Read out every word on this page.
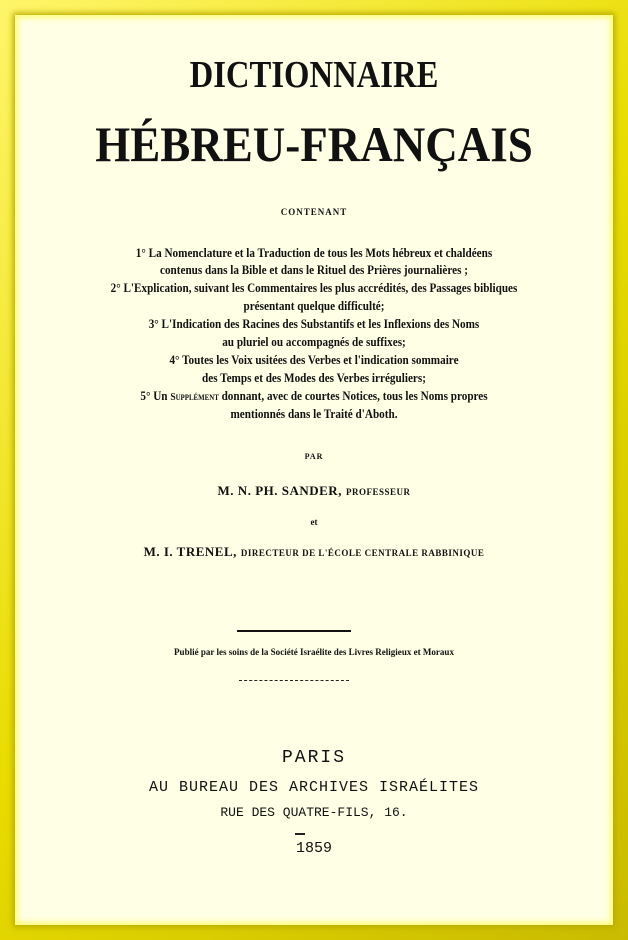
DICTIONNAIRE
HÉBREU-FRANÇAIS
CONTENANT
1° La Nomenclature et la Traduction de tous les Mots hébreux et chaldéens
contenus dans la Bible et dans le Rituel des Prières journalières ;
2° L'Explication, suivant les Commentaires les plus accrédités, des Passages bibliques
présentant quelque difficulté;
3° L'Indication des Racines des Substantifs et les Inflexions des Noms
au pluriel ou accompagnés de suffixes;
4° Toutes les Voix usitées des Verbes et l'indication sommaire
des Temps et des Modes des Verbes irréguliers;
5° Un Supplément donnant, avec de courtes Notices, tous les Noms propres
mentionnés dans le Traité d'Aboth.
PAR
M. N. PH. SANDER, PROFESSEUR
et
M. I. TRENEL, DIRECTEUR DE L'ÉCOLE CENTRALE RABBINIQUE
Publié par les soins de la Société Israélite des Livres Religieux et Moraux
PARIS
AU BUREAU DES ARCHIVES ISRAÉLITES
RUE DES QUATRE-FILS, 16.
1859
